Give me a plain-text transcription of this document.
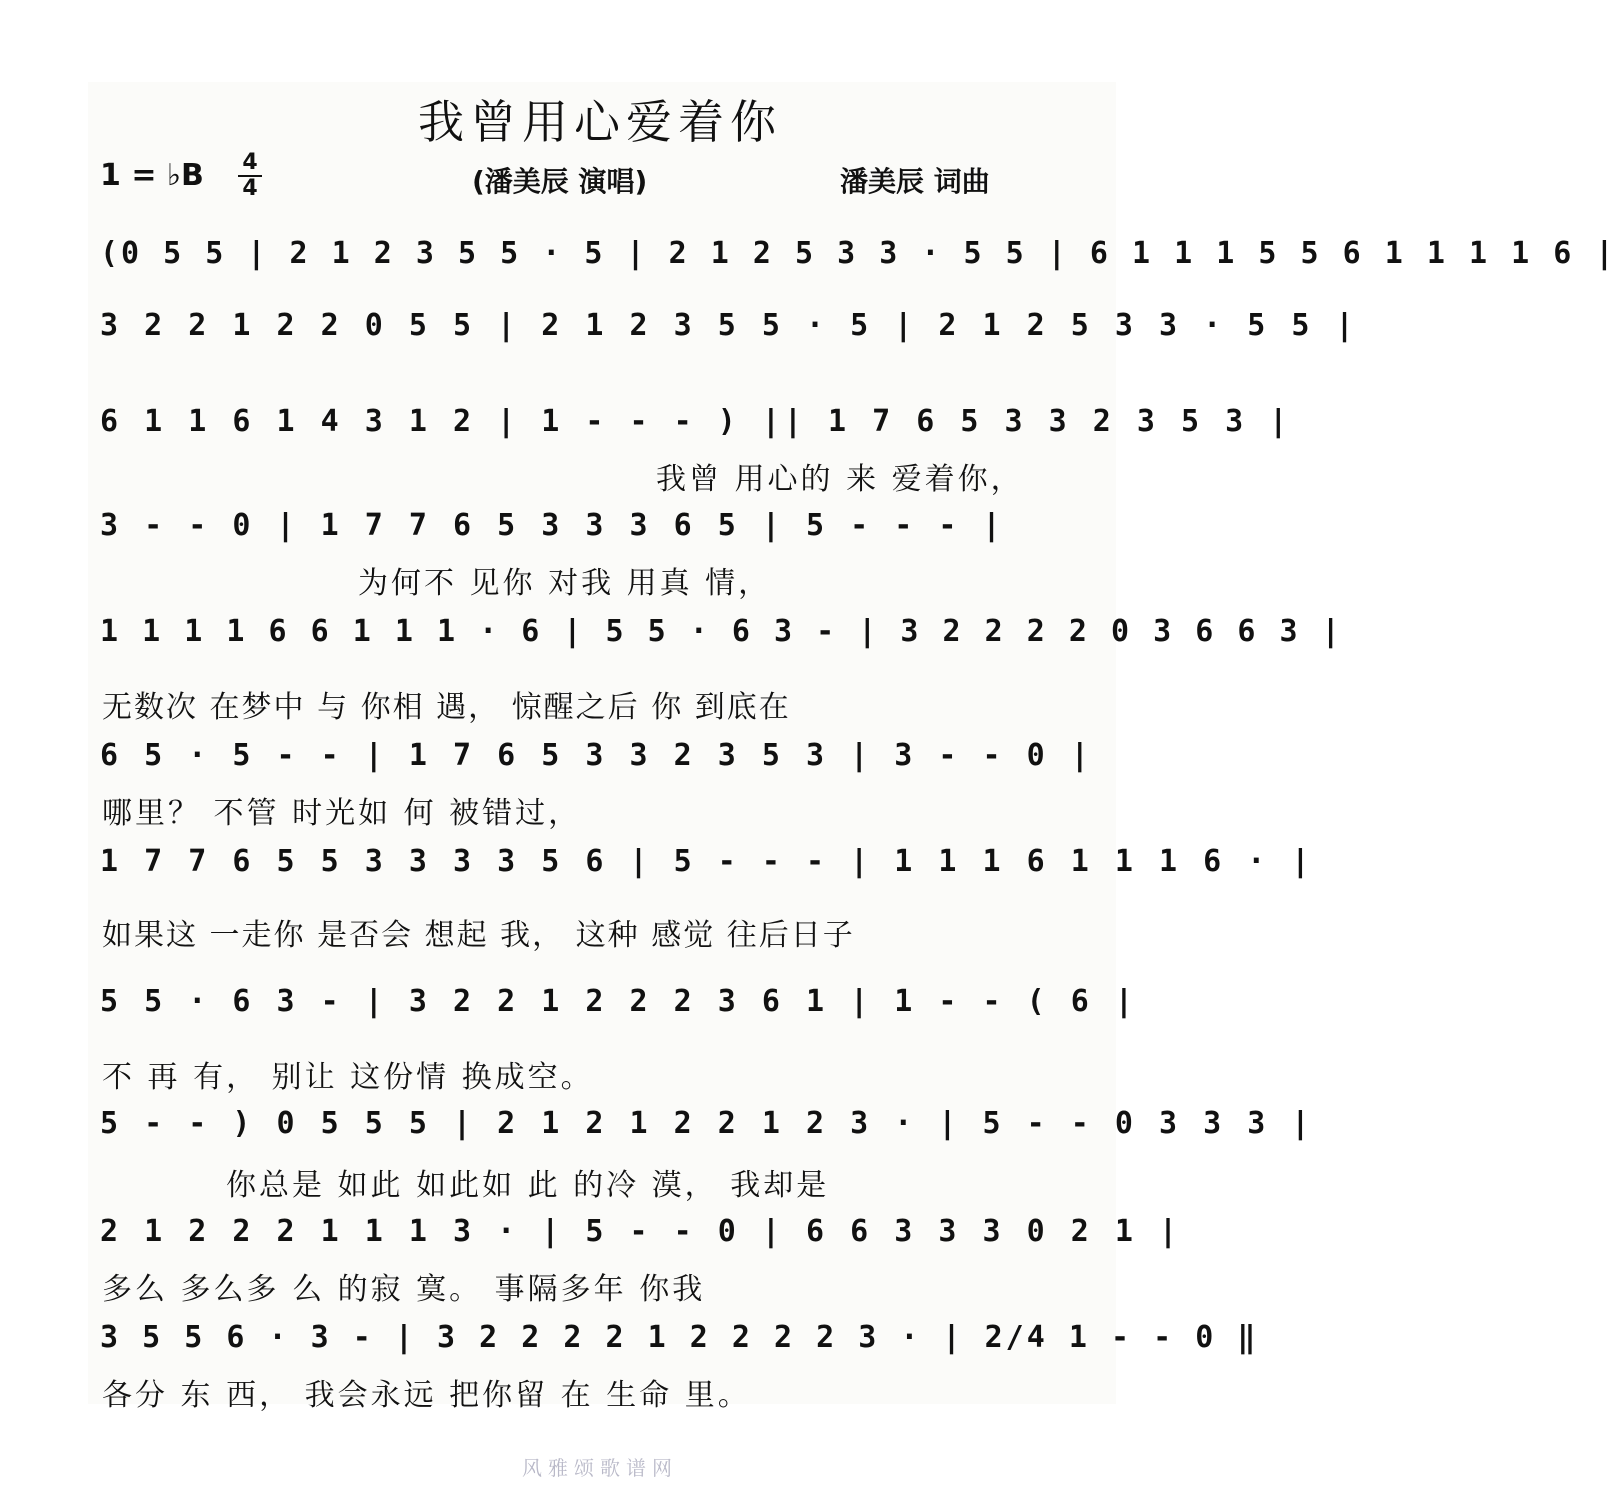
我曾用心爱着你
1 = ♭B 4
4	(潘美辰 演唱)	潘美辰 词曲
(0 5 5 | 2 1 2 3 5 5 · 5 | 2 1 2 5 3 3 · 5 5 | 6 1 1 1 5 5 6 1 1 1 1 6 |
3 2 2 1 2 2 0 5 5 | 2 1 2 3 5 5 · 5 | 2 1 2 5 3 3 · 5 5 |
6 1 1 6 1 4 3 1 2 | 1 - - - ) || 1 7 6 5 3 3 2 3 5 3 |
我曾 用心的 来 爱着你，
3 - - 0 | 1 7 7 6 5 3 3 3 6 5 | 5 - - - |
为何不 见你 对我 用真 情，
1 1 1 1 6 6 1 1 1 · 6 | 5 5 · 6 3 - | 3 2 2 2 2 0 3 6 6 3 |
无数次 在梦中 与 你相 遇， 惊醒之后 你 到底在
6 5 · 5 - - | 1 7 6 5 3 3 2 3 5 3 | 3 - - 0 |
哪里？ 不管 时光如 何 被错过，
1 7 7 6 5 5 3 3 3 3 5 6 | 5 - - - | 1 1 1 6 1 1 1 6 · |
如果这 一走你 是否会 想起 我， 这种 感觉 往后日子
5 5 · 6 3 - | 3 2 2 1 2 2 2 3 6 1 | 1 - - ( 6 |
不 再 有， 别让 这份情 换成空。
5 - - ) 0 5 5 5 | 2 1 2 1 2 2 1 2 3 · | 5 - - 0 3 3 3 |
你总是 如此 如此如 此 的冷 漠， 我却是
2 1 2 2 2 1 1 1 3 · | 5 - - 0 | 6 6 3 3 3 0 2 1 |
多么 多么多 么 的寂 寞。 事隔多年 你我
3 5 5 6 · 3 - | 3 2 2 2 2 1 2 2 2 2 3 · | 2/4 1 - - 0 ‖
各分 东 西， 我会永远 把你留 在 生命 里。
风雅颂歌谱网
